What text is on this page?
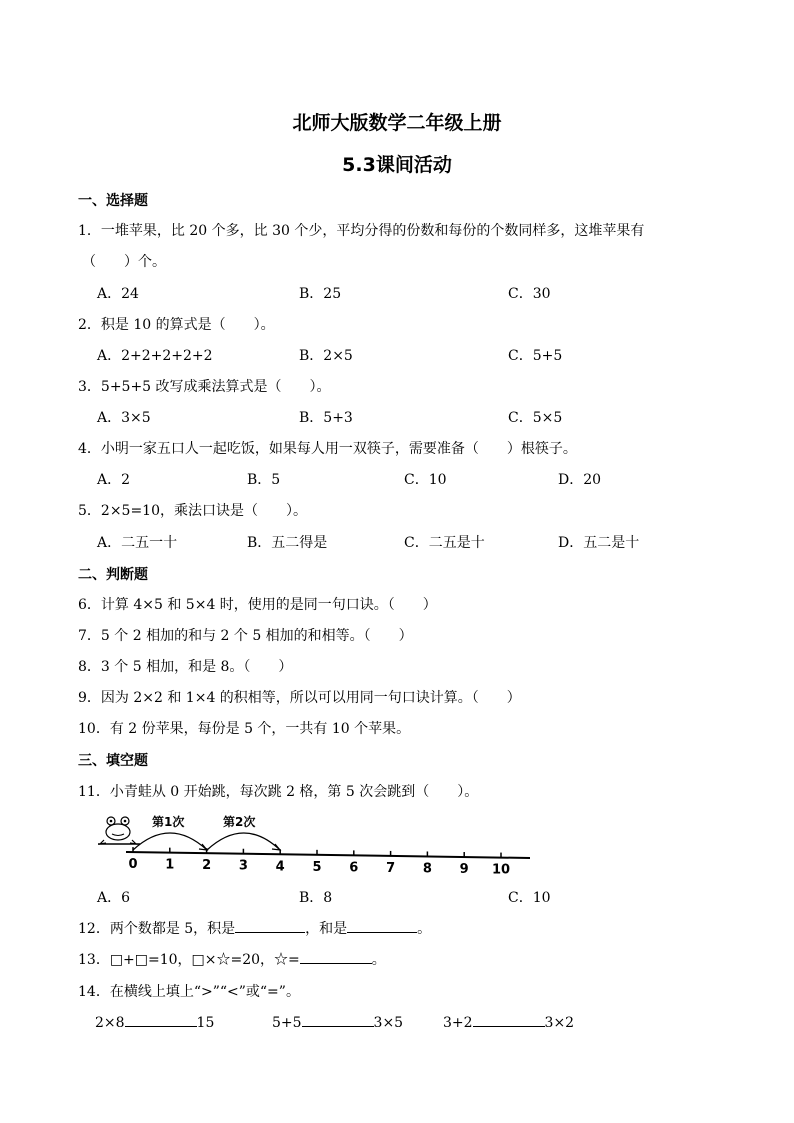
北师大版数学二年级上册
5.3课间活动
一、选择题
1．一堆苹果，比 20 个多，比 30 个少，平均分得的份数和每份的个数同样多，这堆苹果有
（　　）个。
A．24	B．25	C．30
2．积是 10 的算式是（　　）。
A．2+2+2+2+2	B．2×5	C．5+5
3．5+5+5 改写成乘法算式是（　　）。
A．3×5	B．5+3	C．5×5
4．小明一家五口人一起吃饭，如果每人用一双筷子，需要准备（　　）根筷子。
A．2	B．5	C．10	D．20
5．2×5=10，乘法口诀是（　　）。
A．二五一十	B．五二得是	C．二五是十	D．五二是十
二、判断题
6．计算 4×5 和 5×4 时，使用的是同一句口诀。（　　）
7．5 个 2 相加的和与 2 个 5 相加的和相等。（　　）
8．3 个 5 相加，和是 8。（　　）
9．因为 2×2 和 1×4 的积相等，所以可以用同一句口诀计算。（　　）
10．有 2 份苹果，每份是 5 个，一共有 10 个苹果。
三、填空题
11．小青蛙从 0 开始跳，每次跳 2 格，第 5 次会跳到（　　）。
第1次	第2次
0 1 2 3 4 5 6 7 8 9 10
A．6	B．8	C．10
12．两个数都是 5，积是	，和是	。
13．□+□=10，□×☆=20，☆=	。
14．在横线上填上“>”“<”或“=”。
2×8	15	5+5	3×5	3+2	3×2
